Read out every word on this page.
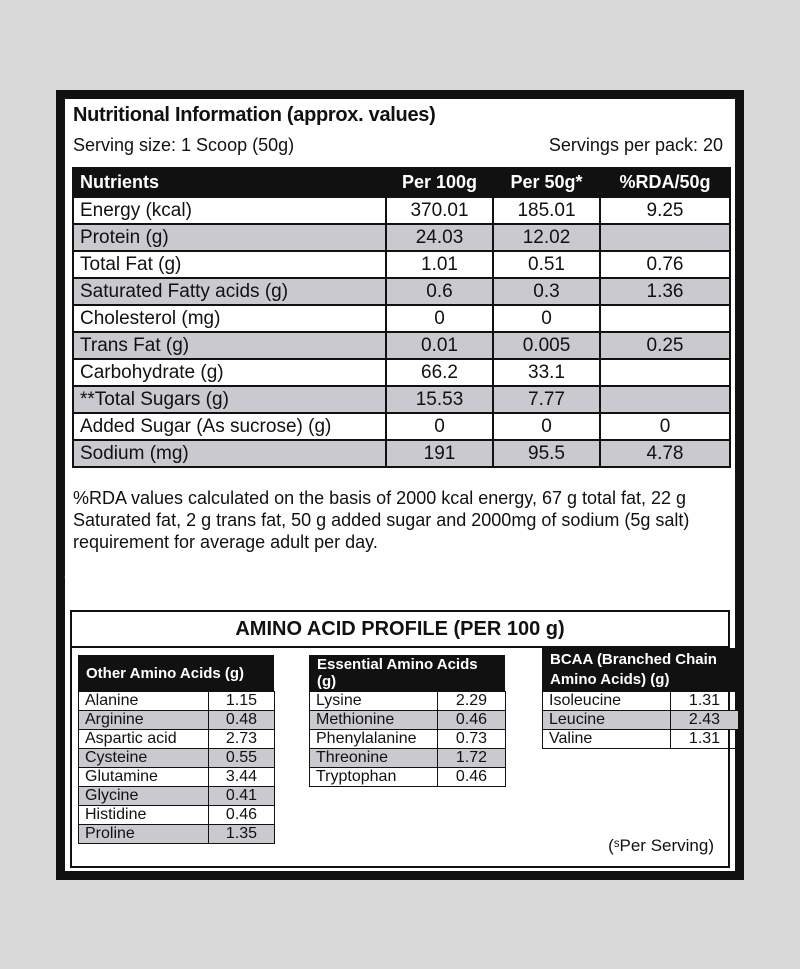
Nutritional Information (approx. values)
Serving size: 1 Scoop (50g)	Servings per pack: 20
Nutrients	Per 100g	Per 50g*	%RDA/50g
Energy (kcal)	370.01	185.01	9.25
Protein (g)	24.03	12.02	
Total Fat (g)	1.01	0.51	0.76
Saturated Fatty acids (g)	0.6	0.3	1.36
Cholesterol (mg)	0	0	
Trans Fat (g)	0.01	0.005	0.25
Carbohydrate (g)	66.2	33.1	
**Total Sugars (g)	15.53	7.77	
Added Sugar (As sucrose) (g)	0	0	0
Sodium (mg)	191	95.5	4.78
%RDA values calculated on the basis of 2000 kcal energy, 67 g total fat, 22 g Saturated fat, 2 g trans fat, 50 g added sugar and 2000mg of sodium (5g salt) requirement for average adult per day.
CONTAINS NATURALLY OCCURRING SUGARS**
AMINO ACID PROFILE (PER 100 g)
Other Amino Acids (g)
Alanine	1.15
Arginine	0.48
Aspartic acid	2.73
Cysteine	0.55
Glutamine	3.44
Glycine	0.41
Histidine	0.46
Proline	1.35
Essential Amino Acids (g)
Lysine	2.29
Methionine	0.46
Phenylalanine	0.73
Threonine	1.72
Tryptophan	0.46
BCAA (Branched Chain Amino Acids) (g)
Isoleucine	1.31
Leucine	2.43
Valine	1.31
(ˢPer Serving)
